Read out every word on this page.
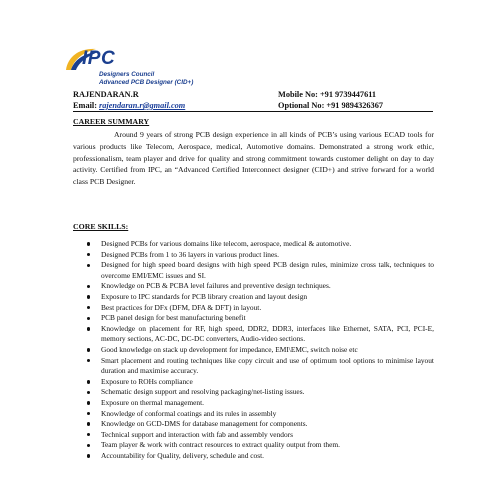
IPC
Designers Council
Advanced PCB Designer (CID+)
RAJENDARAN.R
Email: rajendaran.r@gmail.com
Mobile No: +91 9739447611
Optional No: +91 9894326367
CAREER SUMMARY

Around 9 years of strong PCB design experience in all kinds of PCB’s using various ECAD tools for various products like Telecom, Aerospace, medical, Automotive domains. Demonstrated a strong work ethic, professionalism, team player and drive for quality and strong commitment towards customer delight on day to day activity. Certified from IPC, an “Advanced Certified Interconnect designer (CID+) and strive forward for a world class PCB Designer.

CORE SKILLS:
Designed PCBs for various domains like telecom, aerospace, medical & automotive.
Designed PCBs from 1 to 36 layers in various product lines.
Designed for high speed board designs with high speed PCB design rules, minimize cross talk, techniques to overcome EMI/EMC issues and SI.
Knowledge on PCB & PCBA level failures and preventive design techniques.
Exposure to IPC standards for PCB library creation and layout design
Best practices for DFx (DFM, DFA & DFT) in layout.
PCB panel design for best manufacturing benefit
Knowledge on placement for RF, high speed, DDR2, DDR3, interfaces like Ethernet, SATA, PCI, PCI-E, memory sections, AC-DC, DC-DC converters, Audio-video sections.
Good knowledge on stack up development for impedance, EMI\EMC, switch noise etc
Smart placement and routing techniques like copy circuit and use of optimum tool options to minimise layout duration and maximise accuracy.
Exposure to ROHs compliance
Schematic design support and resolving packaging/net-listing issues.
Exposure on thermal management.
Knowledge of conformal coatings and its rules in assembly
Knowledge on GCD-DMS for database management for components.
Technical support and interaction with fab and assembly vendors
Team player & work with contract resources to extract quality output from them.
Accountability for Quality, delivery, schedule and cost.
